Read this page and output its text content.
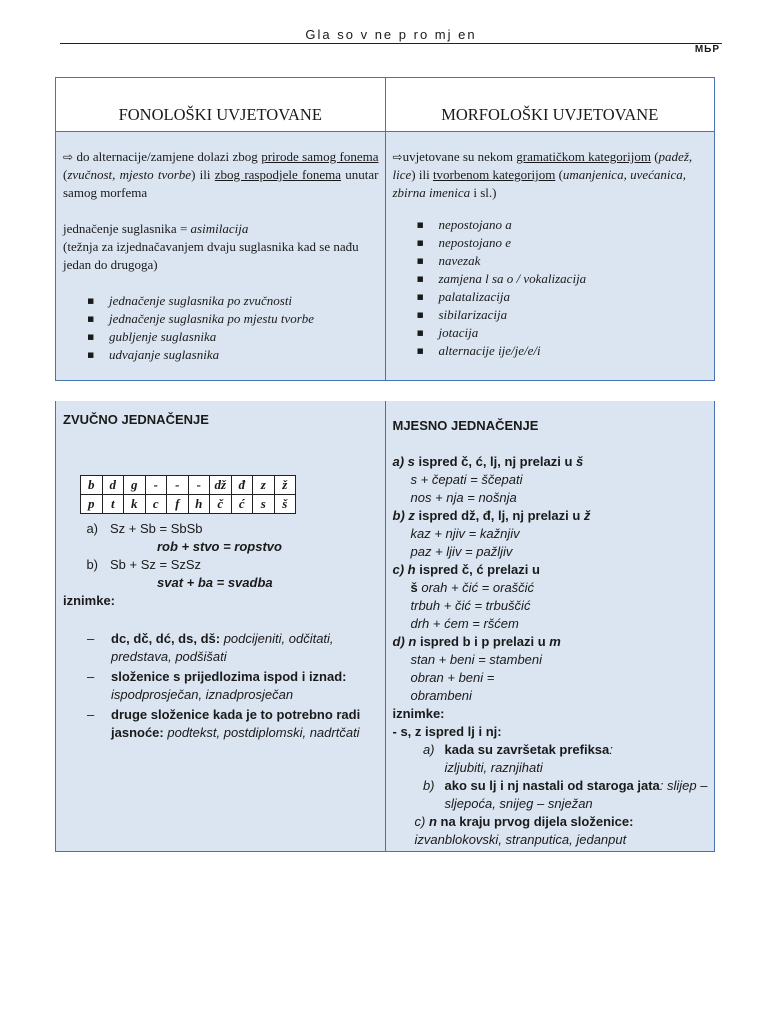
Gla so v ne p ro mj en
ΜЬΡ
FONOLOŠKI UVJETOVANE	MORFOLOŠKI UVJETOVANE

⇨ do alternacije/zamjene dolazi zbog prirode samog fonema (zvučnost, mjesto tvorbe) ili zbog raspodjele fonema unutar samog morfema

jednačenje suglasnika = asimilacija

(težnja za izjednačavanjem dvaju suglasnika kad se nađu jedan do drugoga)

▪ jednačenje suglasnika po zvučnosti
▪ jednačenje suglasnika po mjestu tvorbe
▪ gubljenje suglasnika
▪ udvajanje suglasnika

⇨uvjetovane su nekom gramatičkom kategorijom (padež, lice) ili tvorbenom kategorijom (umanjenica, uvećanica, zbirna imenica i sl.)

▪ nepostojano a
▪ nepostojano e
▪ navezak
▪ zamjena l sa o / vokalizacija
▪ palatalizacija
▪ sibilarizacija
▪ jotacija
▪ alternacije ije/je/e/i
ZVUČNO JEDNAČENJE
b	d	g	-	-	-	dž	đ	z	ž
p	t	k	c	f	h	č	ć	s	š
a) Sz + Sb = SbSb
rob + stvo = ropstvo
b) Sb + Sz = SzSz
svat + ba = svadba
iznimke:
–	dc, dč, dć, ds, dš: podcijeniti, odčitati, predstava, podšišati
–	složenice s prijedlozima ispod i iznad: ispodprosječan, iznadprosječan
–	druge složenice kada je to potrebno radi jasnoće: podtekst, postdiplomski, nadrtčati
MJESNO JEDNAČENJE
a) s ispred č, ć, lj, nj prelazi u š
s + čepati = ščepati
nos + nja = nošnja
b) z ispred dž, đ, lj, nj prelazi u ž
kaz + njiv = kažnjiv
paz + ljiv = pažljiv
c) h ispred č, ć prelazi u
š orah + čić = oraščić
trbuh + čić = trbuščić
drh + ćem = ršćem
d) n ispred b i p prelazi u m
stan + beni = stambeni
obran + beni =
obrambeni
iznimke:
- s, z ispred lj i nj:
a) kada su završetak prefiksa:
izljubiti, raznjihati
b) ako su lj i nj nastali od staroga jata: slijep – sljepoća, snijeg – snježan
c) n na kraju prvog dijela složenice:
izvanblokovski, stranputica, jedanput
